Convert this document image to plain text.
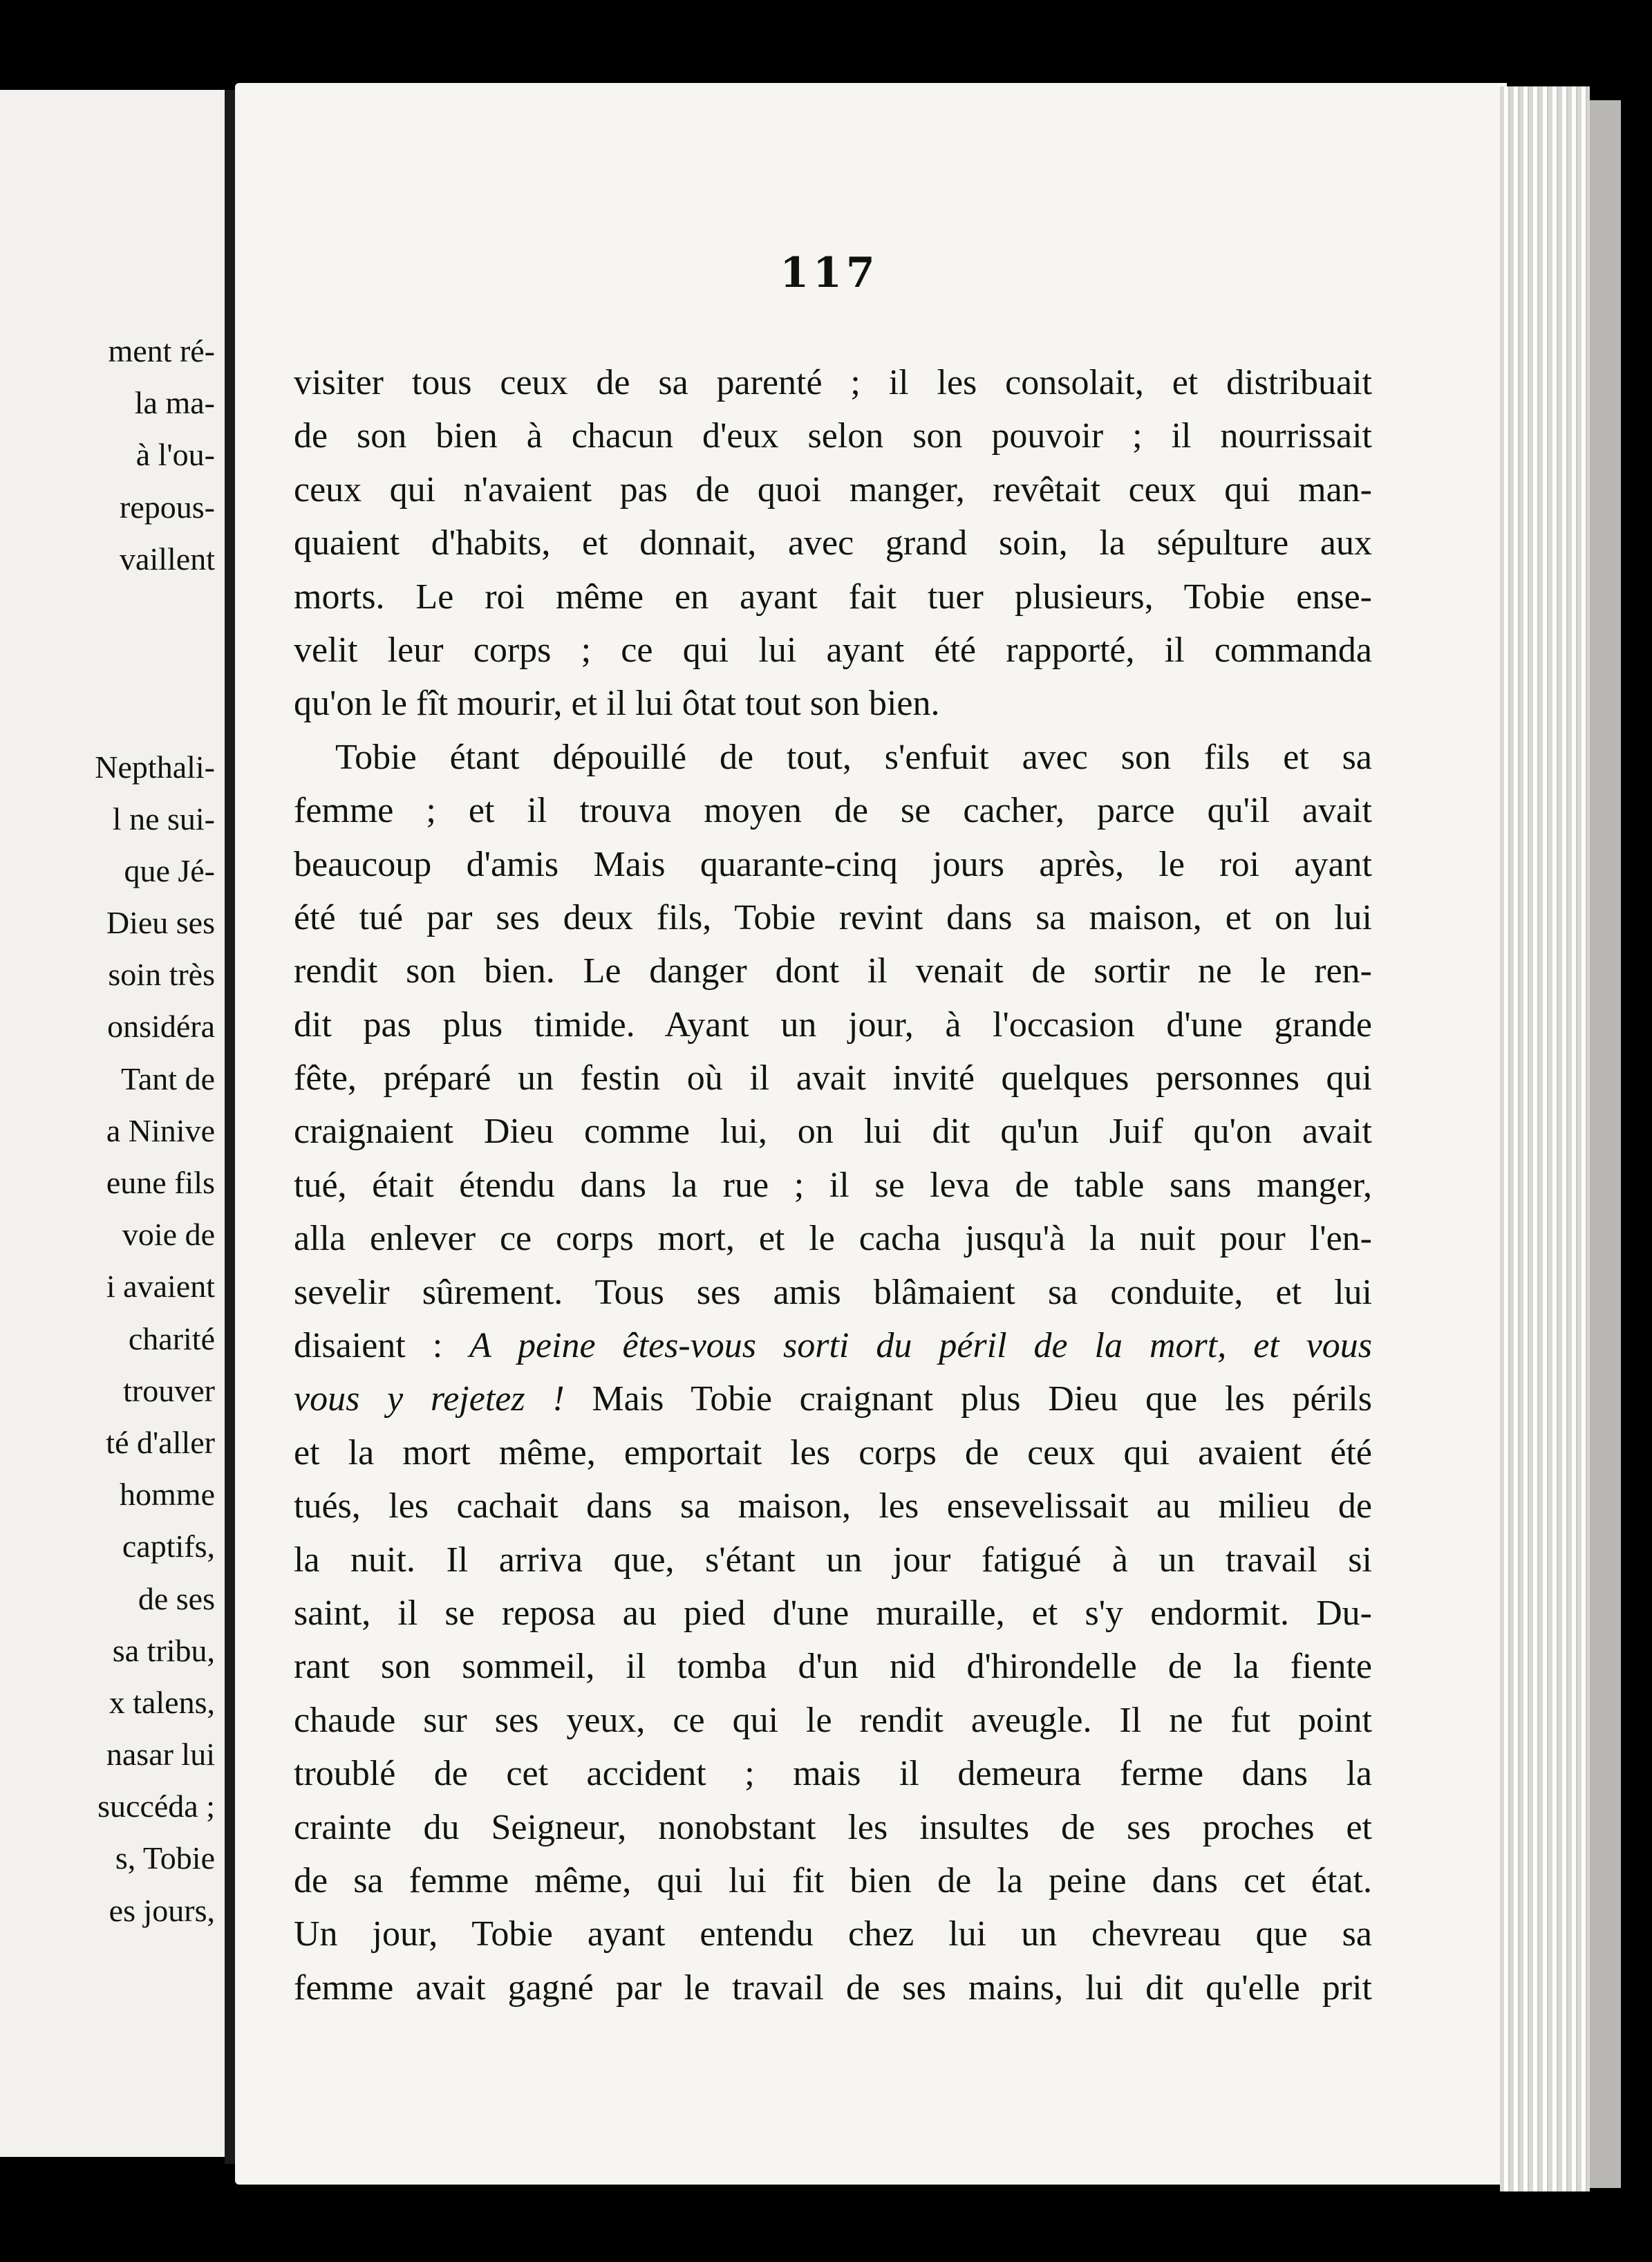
ment ré-
la ma-
à l'ou-
repous-
vaillent
Nepthali-
l ne sui-
que Jé-
Dieu ses
soin très
onsidéra
Tant de
a Ninive
eune fils
voie de
i avaient
charité
trouver
té d'aller
homme
captifs,
de ses
sa tribu,
x talens,
nasar lui
succéda ;
s, Tobie
es jours,
117

visiter tous ceux de sa parenté ; il les consolait, et distribuait

de son bien à chacun d'eux selon son pouvoir ; il nourrissait

ceux qui n'avaient pas de quoi manger, revêtait ceux qui man-

quaient d'habits, et donnait, avec grand soin, la sépulture aux

morts. Le roi même en ayant fait tuer plusieurs, Tobie ense-

velit leur corps ; ce qui lui ayant été rapporté, il commanda

qu'on le fît mourir, et il lui ôtat tout son bien.

Tobie étant dépouillé de tout, s'enfuit avec son fils et sa

femme ; et il trouva moyen de se cacher, parce qu'il avait

beaucoup d'amis Mais quarante-cinq jours après, le roi ayant

été tué par ses deux fils, Tobie revint dans sa maison, et on lui

rendit son bien. Le danger dont il venait de sortir ne le ren-

dit pas plus timide. Ayant un jour, à l'occasion d'une grande

fête, préparé un festin où il avait invité quelques personnes qui

craignaient Dieu comme lui, on lui dit qu'un Juif qu'on avait

tué, était étendu dans la rue ; il se leva de table sans manger,

alla enlever ce corps mort, et le cacha jusqu'à la nuit pour l'en-

sevelir sûrement. Tous ses amis blâmaient sa conduite, et lui

disaient : A peine êtes-vous sorti du péril de la mort, et vous

vous y rejetez ! Mais Tobie craignant plus Dieu que les périls

et la mort même, emportait les corps de ceux qui avaient été

tués, les cachait dans sa maison, les ensevelissait au milieu de

la nuit. Il arriva que, s'étant un jour fatigué à un travail si

saint, il se reposa au pied d'une muraille, et s'y endormit. Du-

rant son sommeil, il tomba d'un nid d'hirondelle de la fiente

chaude sur ses yeux, ce qui le rendit aveugle. Il ne fut point

troublé de cet accident ; mais il demeura ferme dans la

crainte du Seigneur, nonobstant les insultes de ses proches et

de sa femme même, qui lui fit bien de la peine dans cet état.

Un jour, Tobie ayant entendu chez lui un chevreau que sa

femme avait gagné par le travail de ses mains, lui dit qu'elle prit
